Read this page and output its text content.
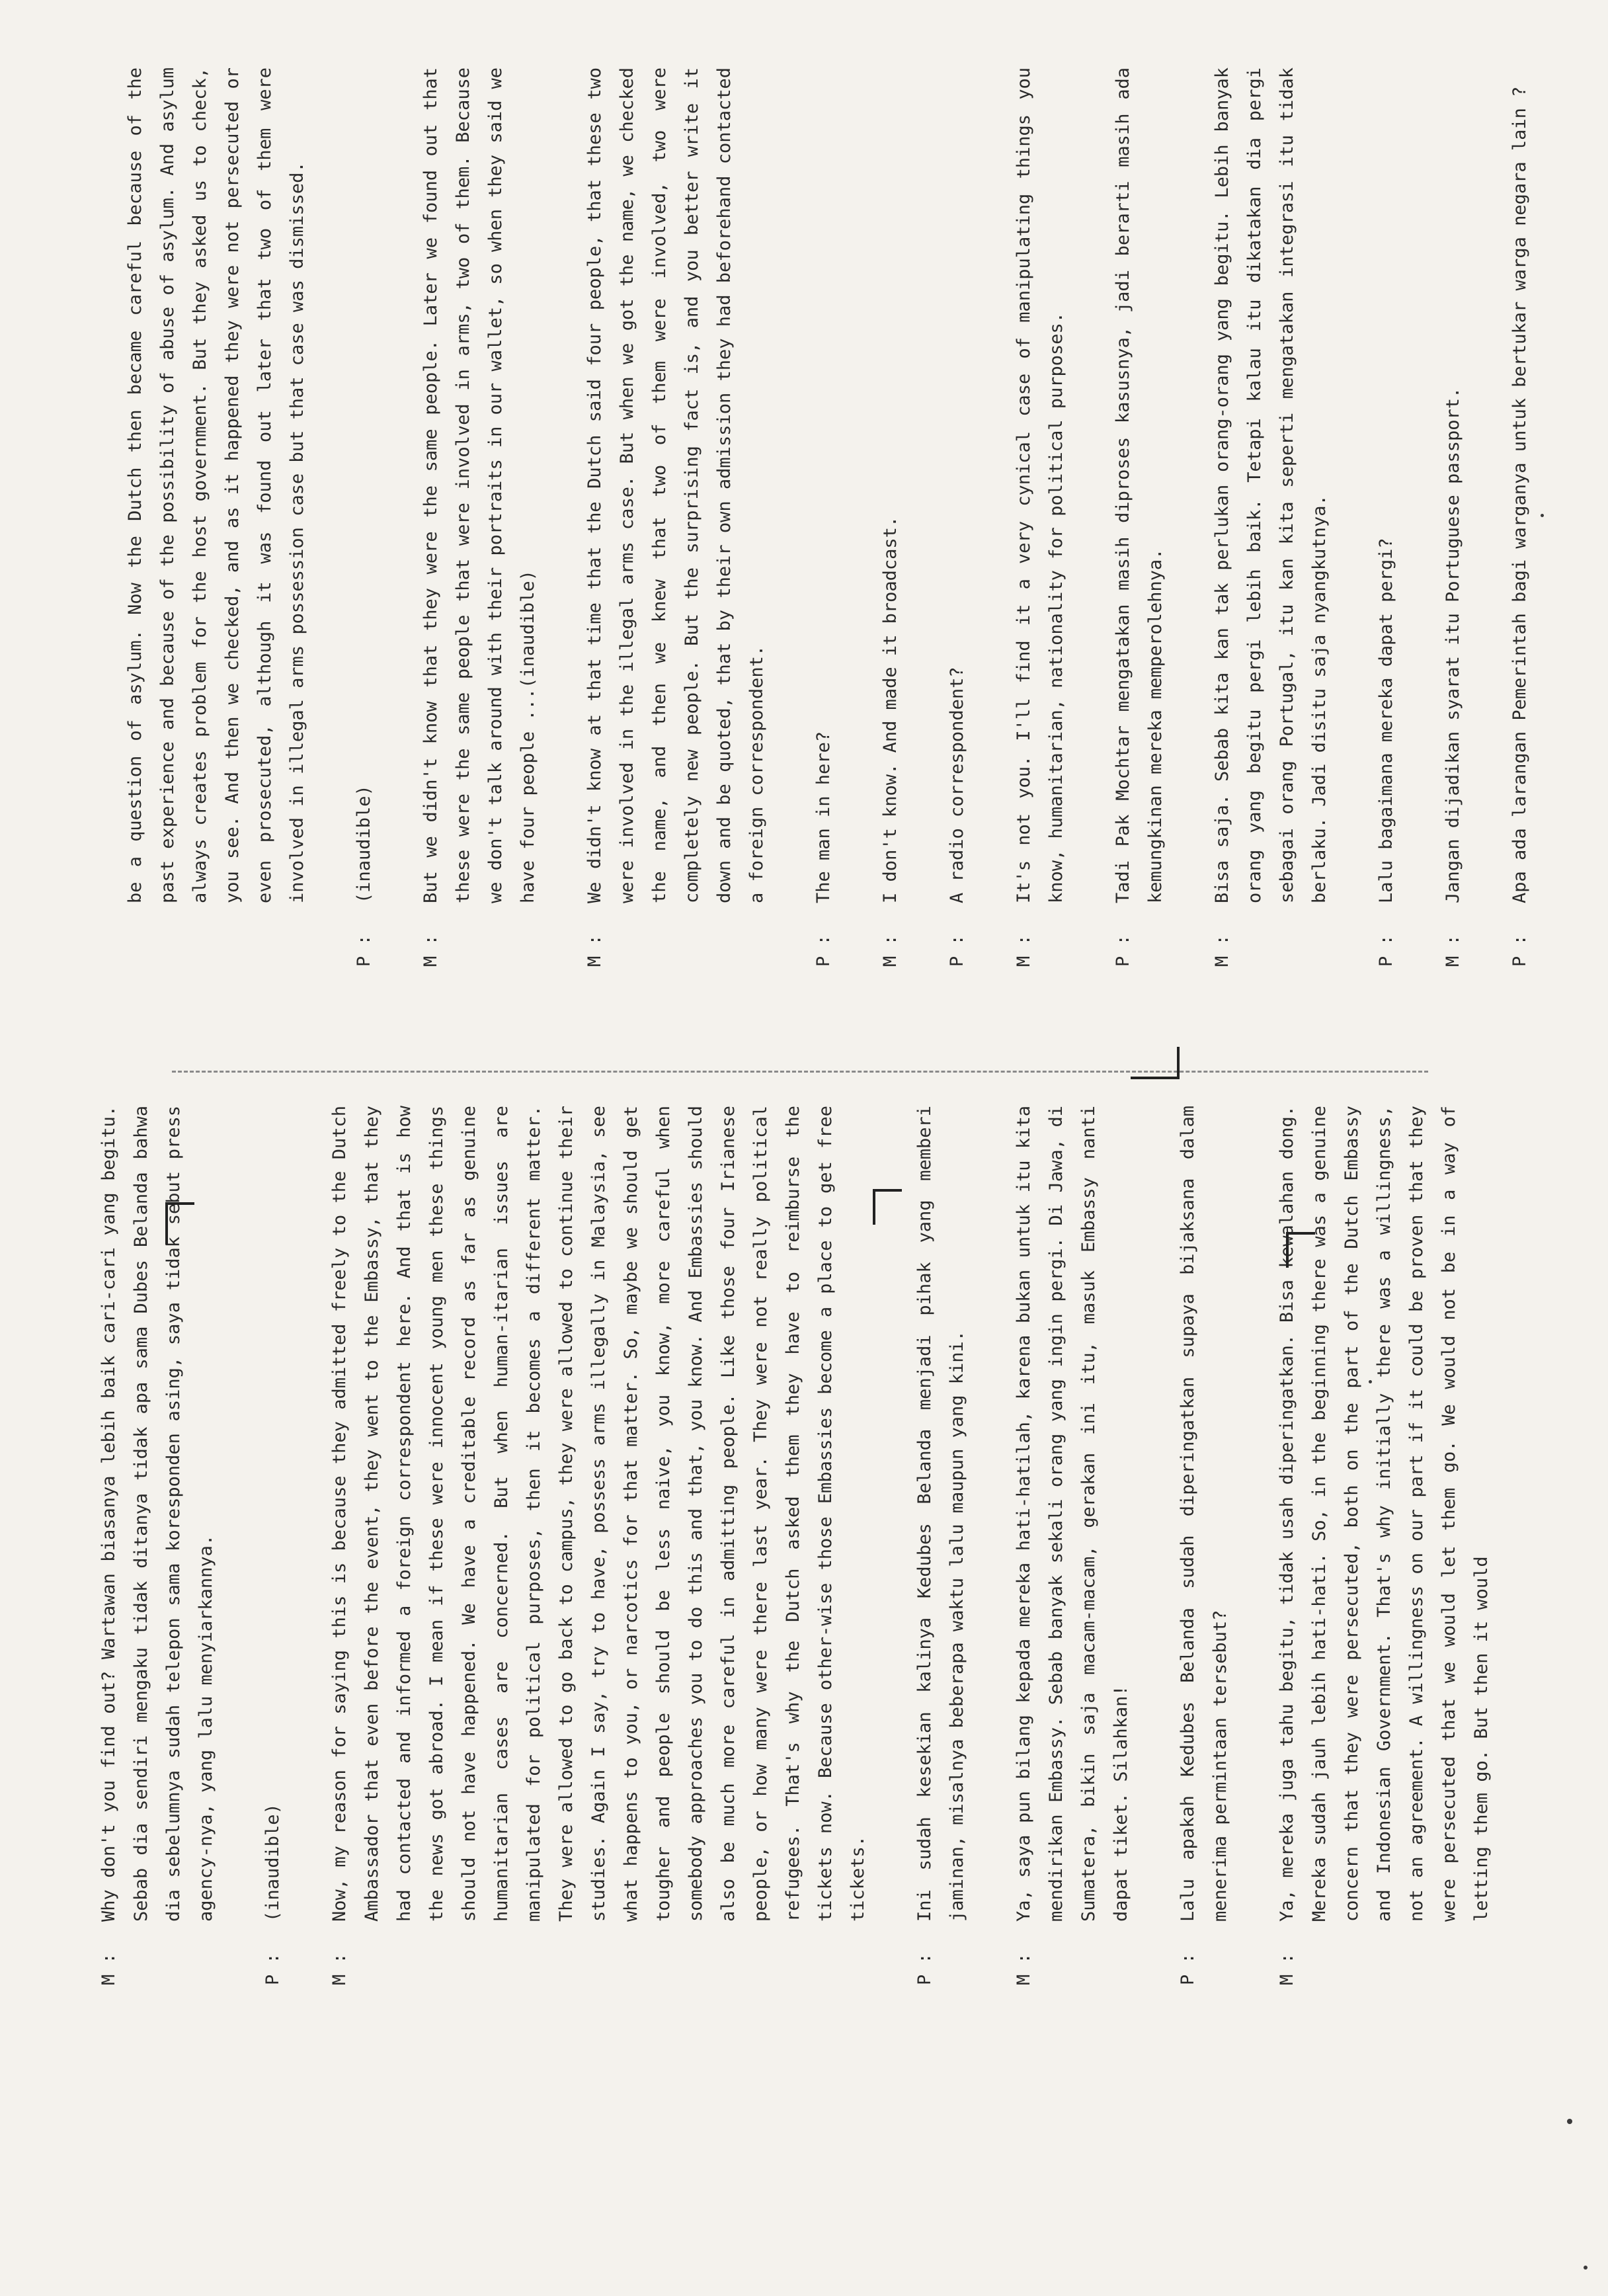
M :
Why don't you find out? Wartawan biasanya lebih baik cari-cari yang begitu. Sebab dia sendiri mengaku tidak ditanya tidak apa sama Dubes Belanda bahwa dia sebelumnya sudah telepon sama koresponden asing, saya tidak sebut press agency-nya, yang lalu menyiarkannya.
P :
(inaudible)
M :
Now, my reason for saying this is because they admitted freely to the Dutch Ambassador that even before the event, they went to the Embassy, that they had contacted and informed a foreign correspondent here. And that is how the news got abroad. I mean if these were innocent young men these things should not have happened. We have a creditable record as far as genuine humanitarian cases are concerned. But when human-itarian issues are manipulated for political purposes, then it becomes a different matter. They were allowed to go back to campus, they were allowed to continue their studies. Again I say, try to have, possess arms illegally in Malaysia, see what happens to you, or narcotics for that matter. So, maybe we should get tougher and people should be less naive, you know, more careful when somebody approaches you to do this and that, you know. And Embassies should also be much more careful in admitting people. Like those four Irianese people, or how many were there last year. They were not really political refugees. That's why the Dutch asked them they have to reimburse the tickets now. Because other-wise those Embassies become a place to get free tickets.
P :
Ini sudah kesekian kalinya Kedubes Belanda menjadi pihak yang memberi jaminan, misalnya beberapa waktu lalu maupun yang kini.
M :
Ya, saya pun bilang kepada mereka hati-hatilah, karena bukan untuk itu kita mendirikan Embassy. Sebab banyak sekali orang yang ingin pergi. Di Jawa, di Sumatera, bikin saja macam-macam, gerakan ini itu, masuk Embassy nanti dapat tiket. Silahkan!
P :
Lalu apakah Kedubes Belanda sudah diperingatkan supaya bijaksana dalam menerima permintaan tersebut?
M :
Ya, mereka juga tahu begitu, tidak usah diperingatkan. Bisa kewalahan dong. Mereka sudah jauh lebih hati-hati. So, in the beginning there was a genuine concern that they were persecuted, both on the part of the Dutch Embassy and Indonesian Government. That's why initially there was a willingness, not an agreement. A willingness on our part if it could be proven that they were persecuted that we would let them go. We would not be in a way of letting them go. But then it would
be a question of asylum. Now the Dutch then became careful because of the past experience and because of the possibility of abuse of asylum. And asylum always creates problem for the host government. But they asked us to check, you see. And then we checked, and as it happened they were not persecuted or even prosecuted, although it was found out later that two of them were involved in illegal arms possession case but that case was dismissed.
P :
(inaudible)
M :
But we didn't know that they were the same people. Later we found out that these were the same people that were involved in arms, two of them. Because we don't talk around with their portraits in our wallet, so when they said we have four people ...(inaudible)
M :
We didn't know at that time that the Dutch said four people, that these two were involved in the illegal arms case. But when we got the name, we checked the name, and then we knew that two of them were involved, two were completely new people. But the surprising fact is, and you better write it down and be quoted, that by their own admission they had beforehand contacted a foreign correspondent.
P :
The man in here?
M :
I don't know. And made it broadcast.
P :
A radio correspondent?
M :
It's not you. I'll find it a very cynical case of manipulating things you know, humanitarian, nationality for political purposes.
P :
Tadi Pak Mochtar mengatakan masih diproses kasusnya, jadi berarti masih ada kemungkinan mereka memperolehnya.
M :
Bisa saja. Sebab kita kan tak perlukan orang-orang yang begitu. Lebih banyak orang yang begitu pergi lebih baik. Tetapi kalau itu dikatakan dia pergi sebagai orang Portugal, itu kan kita seperti mengatakan integrasi itu tidak berlaku. Jadi disitu saja nyangkutnya.
P :
Lalu bagaimana mereka dapat pergi?
M :
Jangan dijadikan syarat itu Portuguese passport.
P :
Apa ada larangan Pemerintah bagi warganya untuk bertukar warga negara lain ?
